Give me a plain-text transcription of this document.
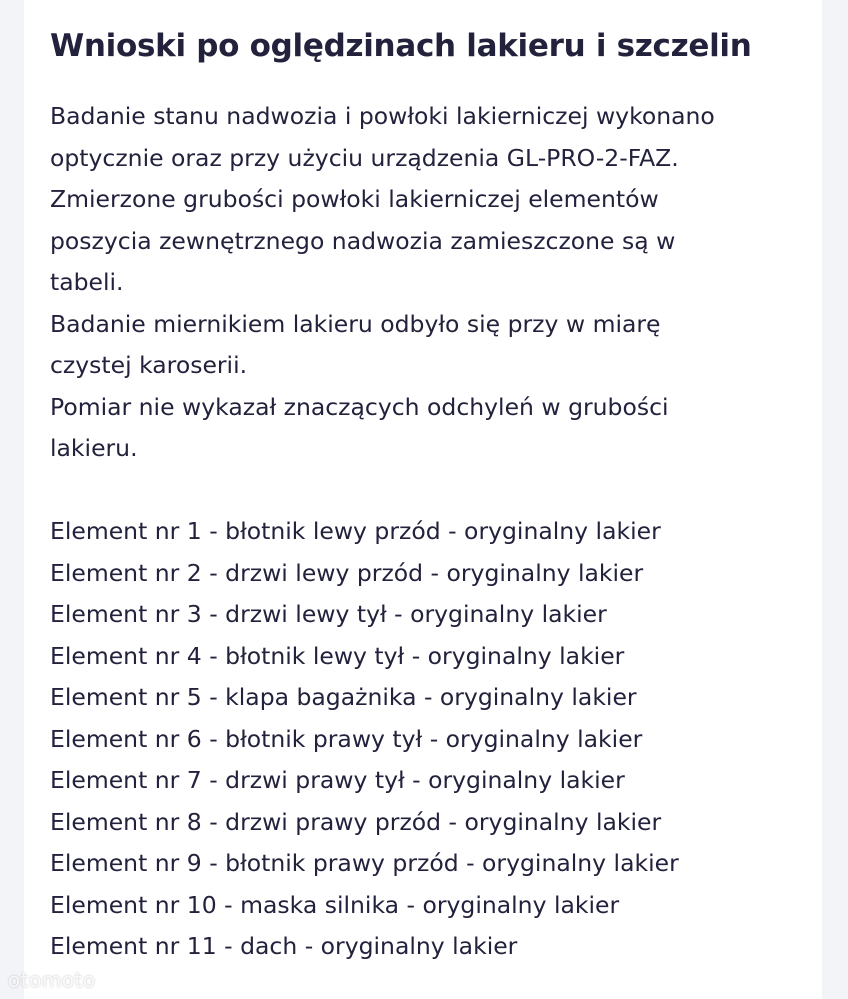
Wnioski po oględzinach lakieru i szczelin
Badanie stanu nadwozia i powłoki lakierniczej wykonano
optycznie oraz przy użyciu urządzenia GL-PRO-2-FAZ.
Zmierzone grubości powłoki lakierniczej elementów
poszycia zewnętrznego nadwozia zamieszczone są w
tabeli.
Badanie miernikiem lakieru odbyło się przy w miarę
czystej karoserii.
Pomiar nie wykazał znaczących odchyleń w grubości
lakieru.
Element nr 1 - błotnik lewy przód - oryginalny lakier
Element nr 2 - drzwi lewy przód - oryginalny lakier
Element nr 3 - drzwi lewy tył - oryginalny lakier
Element nr 4 - błotnik lewy tył - oryginalny lakier
Element nr 5 - klapa bagażnika - oryginalny lakier
Element nr 6 - błotnik prawy tył - oryginalny lakier
Element nr 7 - drzwi prawy tył - oryginalny lakier
Element nr 8 - drzwi prawy przód - oryginalny lakier
Element nr 9 - błotnik prawy przód - oryginalny lakier
Element nr 10 - maska silnika - oryginalny lakier
Element nr 11 - dach - oryginalny lakier
otomoto
